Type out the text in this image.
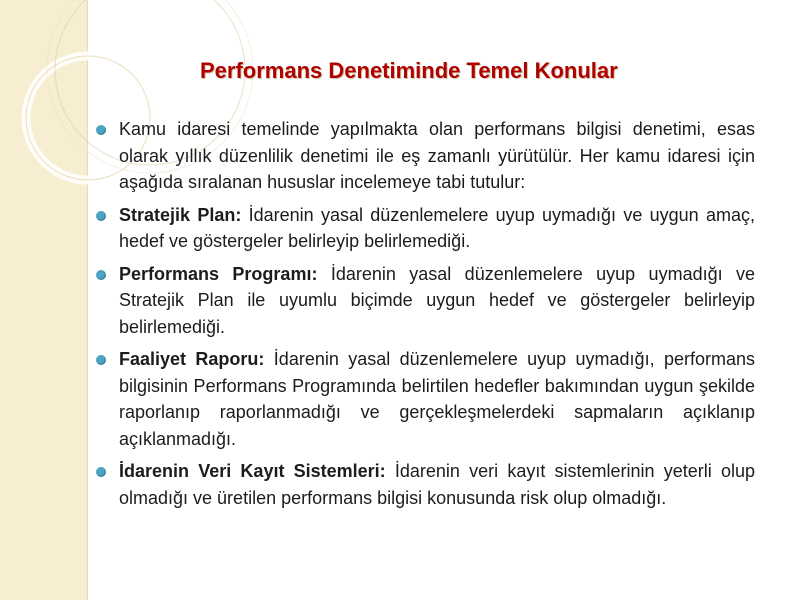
Performans Denetiminde Temel Konular
Kamu idaresi temelinde yapılmakta olan performans bilgisi denetimi, esas olarak yıllık düzenlilik denetimi ile eş zamanlı yürütülür. Her kamu idaresi için aşağıda sıralanan hususlar incelemeye tabi tutulur:
Stratejik Plan: İdarenin yasal düzenlemelere uyup uymadığı ve uygun amaç, hedef ve göstergeler belirleyip belirlemediği.
Performans Programı: İdarenin yasal düzenlemelere uyup uymadığı ve Stratejik Plan ile uyumlu biçimde uygun hedef ve göstergeler belirleyip belirlemediği.
Faaliyet Raporu: İdarenin yasal düzenlemelere uyup uymadığı, performans bilgisinin Performans Programında belirtilen hedefler bakımından uygun şekilde raporlanıp raporlanmadığı ve gerçekleşmelerdeki sapmaların açıklanıp açıklanmadığı.
İdarenin Veri Kayıt Sistemleri: İdarenin veri kayıt sistemlerinin yeterli olup olmadığı ve üretilen performans bilgisi konusunda risk olup olmadığı.
